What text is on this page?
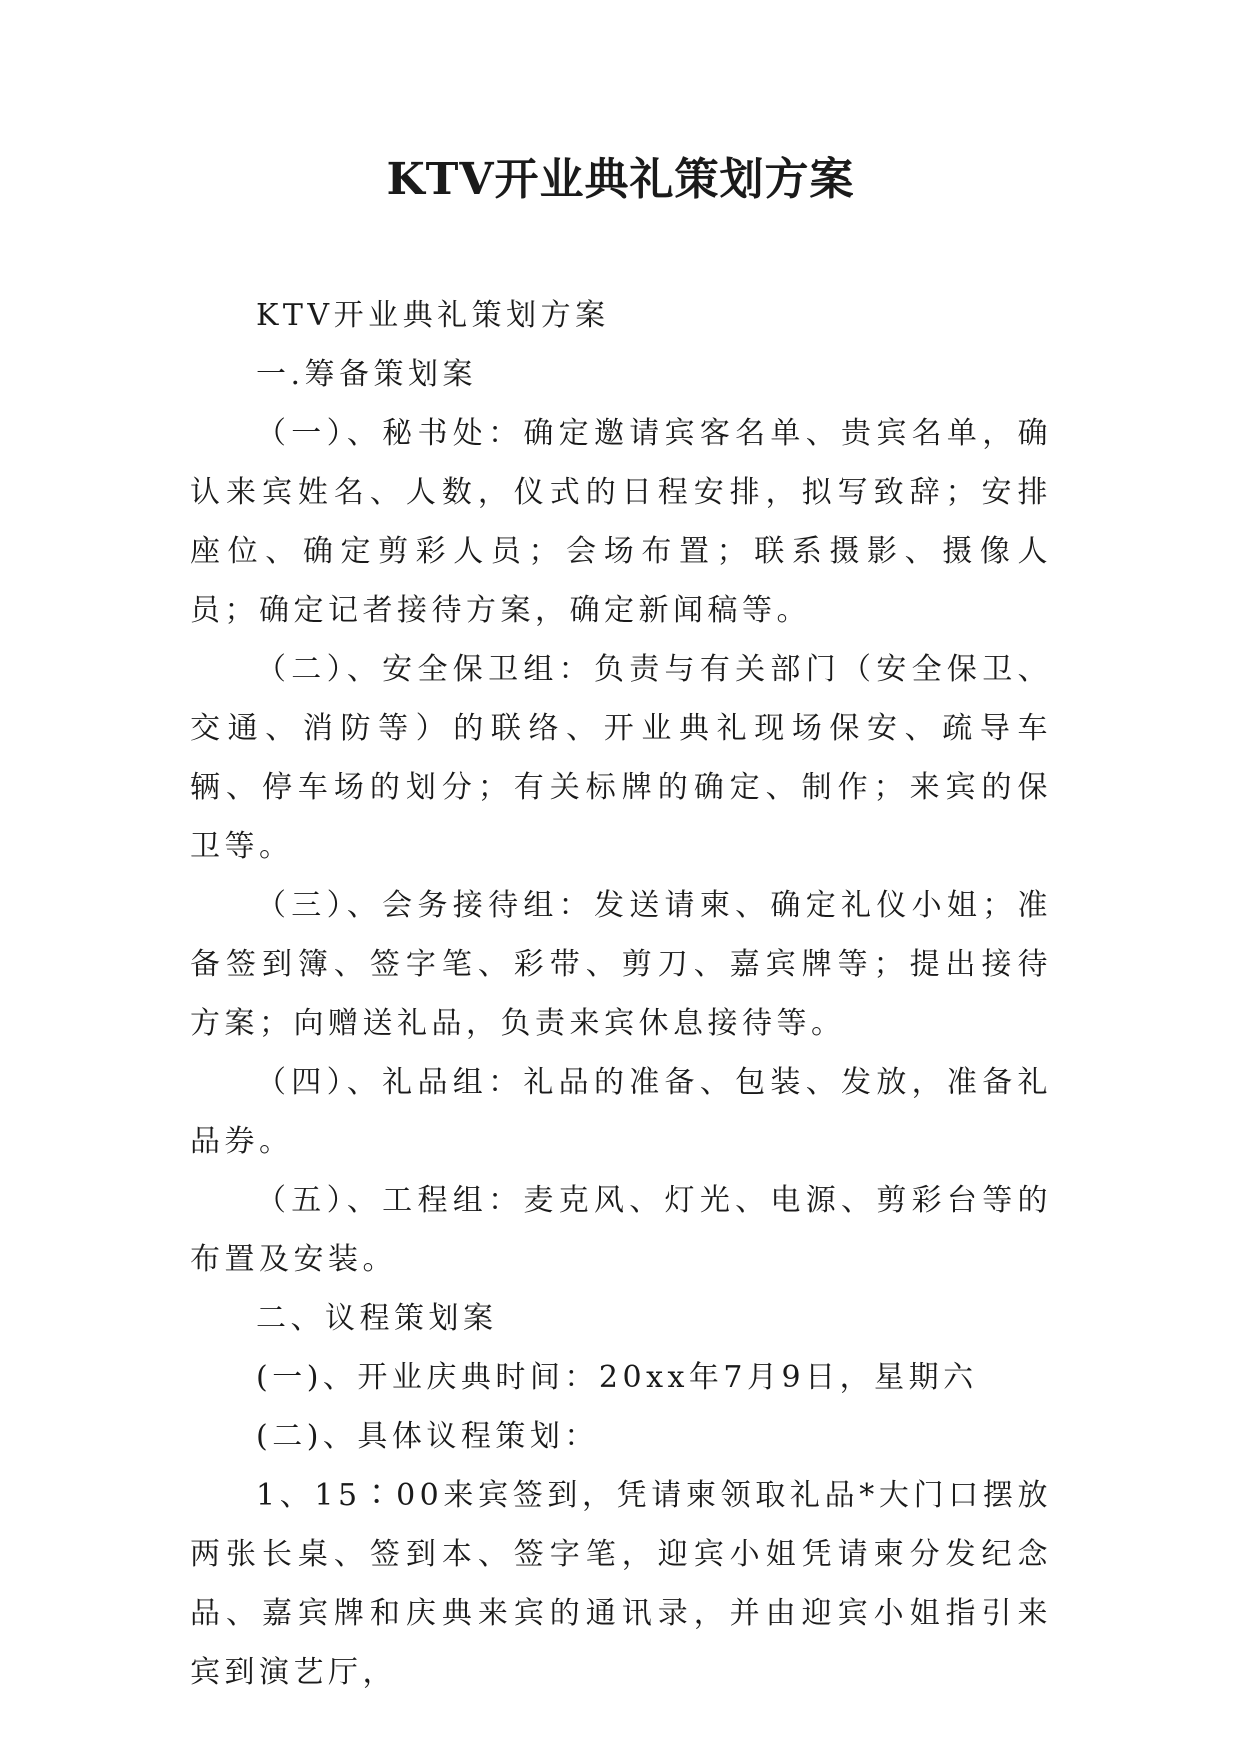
KTV开业典礼策划方案

KTV开业典礼策划方案

一.筹备策划案

（一）、秘书处：确定邀请宾客名单、贵宾名单，确认来宾姓名、人数，仪式的日程安排，拟写致辞；安排座位、确定剪彩人员；会场布置；联系摄影、摄像人员；确定记者接待方案，确定新闻稿等。

（二）、安全保卫组：负责与有关部门（安全保卫、交通、消防等）的联络、开业典礼现场保安、疏导车辆、停车场的划分；有关标牌的确定、制作；来宾的保卫等。

（三）、会务接待组：发送请柬、确定礼仪小姐；准备签到簿、签字笔、彩带、剪刀、嘉宾牌等；提出接待方案；向赠送礼品，负责来宾休息接待等。

（四）、礼品组：礼品的准备、包装、发放，准备礼品券。

（五）、工程组：麦克风、灯光、电源、剪彩台等的布置及安装。

二、议程策划案

(一)、开业庆典时间：20xx年7月9日，星期六

(二)、具体议程策划：

1、15∶00来宾签到，凭请柬领取礼品*大门口摆放两张长桌、签到本、签字笔，迎宾小姐凭请柬分发纪念品、嘉宾牌和庆典来宾的通讯录，并由迎宾小姐指引来宾到演艺厅，
